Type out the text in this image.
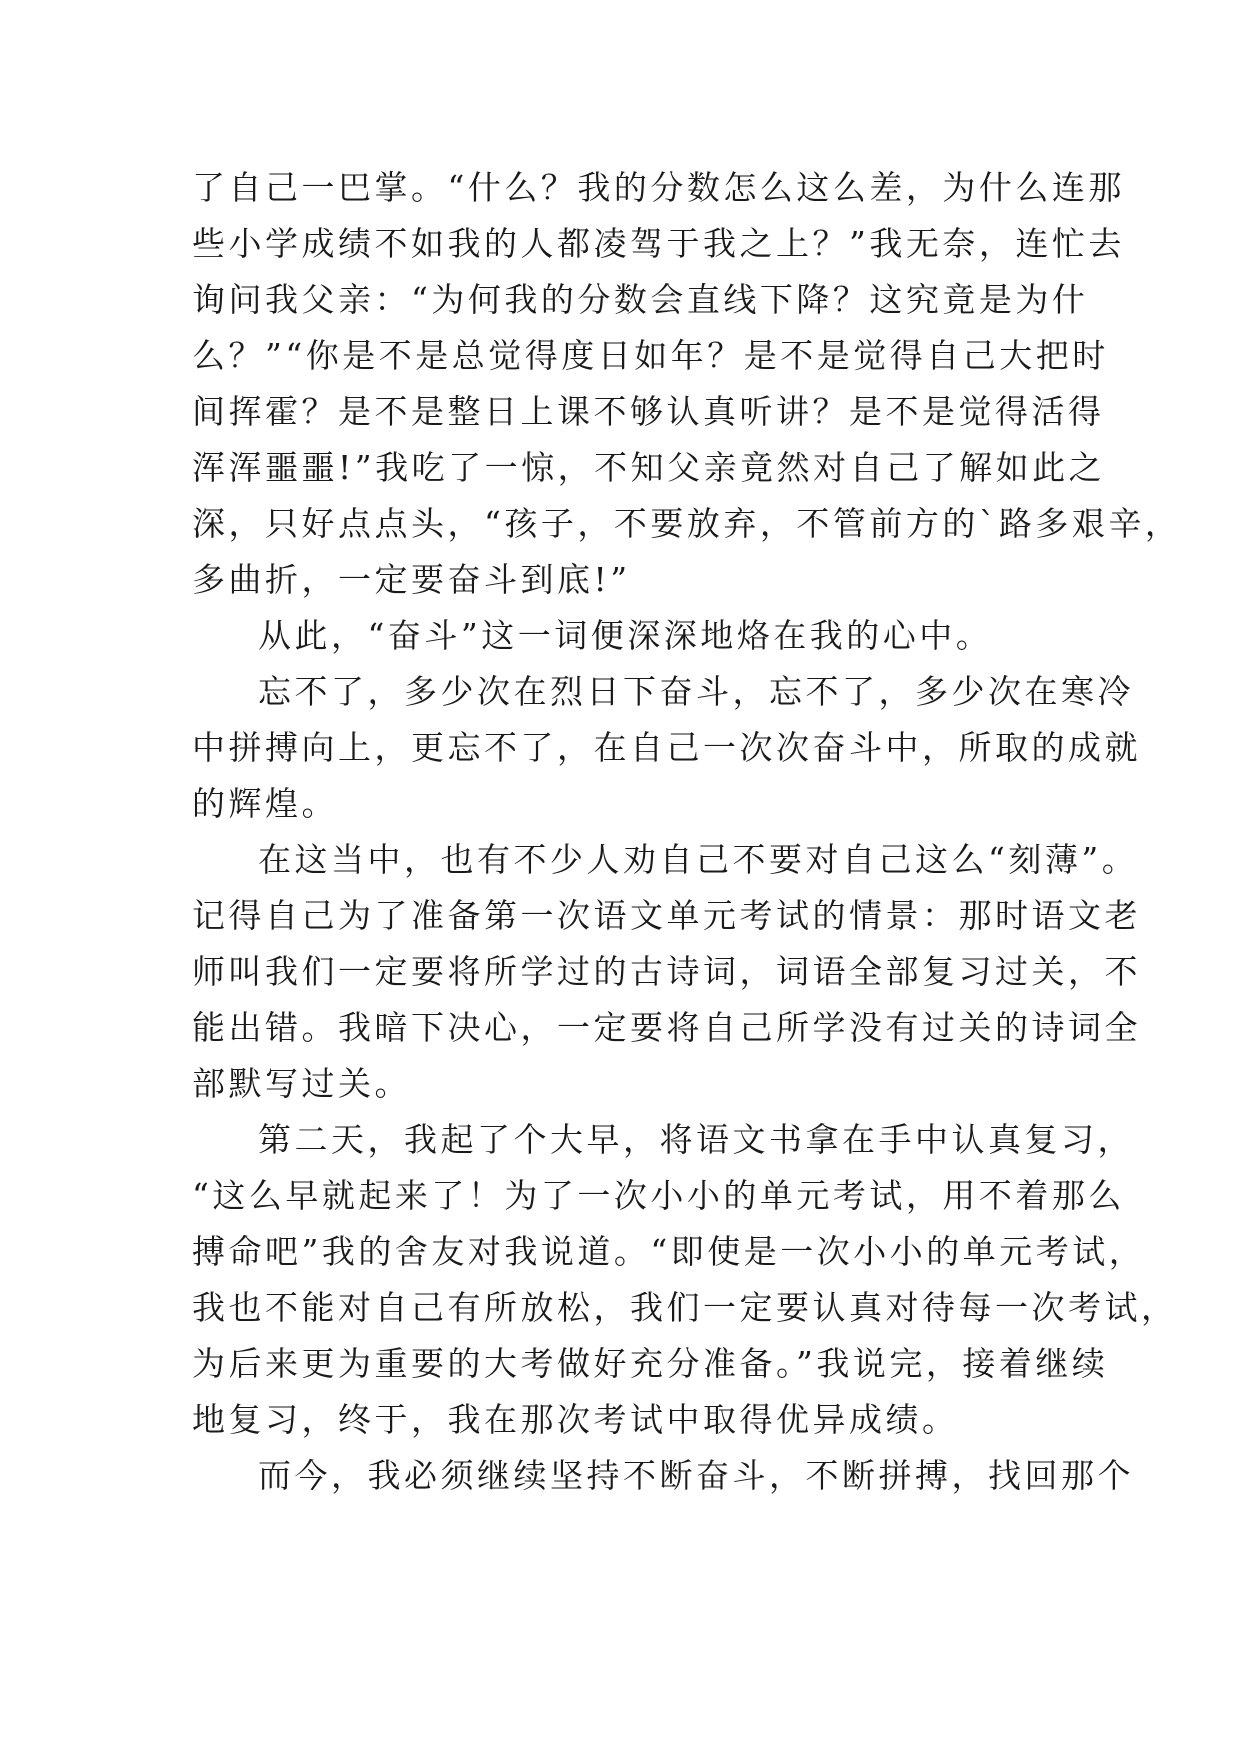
了自己一巴掌。“什么？我的分数怎么这么差，为什么连那
些小学成绩不如我的人都凌驾于我之上？”我无奈，连忙去
询问我父亲：“为何我的分数会直线下降？这究竟是为什
么？”“你是不是总觉得度日如年？是不是觉得自己大把时
间挥霍？是不是整日上课不够认真听讲？是不是觉得活得
浑浑噩噩!”我吃了一惊，不知父亲竟然对自己了解如此之
深，只好点点头，“孩子，不要放弃，不管前方的`路多艰辛，
多曲折，一定要奋斗到底!”
从此，“奋斗”这一词便深深地烙在我的心中。
忘不了，多少次在烈日下奋斗，忘不了，多少次在寒冷
中拼搏向上，更忘不了，在自己一次次奋斗中，所取的成就
的辉煌。
在这当中，也有不少人劝自己不要对自己这么“刻薄”。
记得自己为了准备第一次语文单元考试的情景：那时语文老
师叫我们一定要将所学过的古诗词，词语全部复习过关，不
能出错。我暗下决心，一定要将自己所学没有过关的诗词全
部默写过关。
第二天，我起了个大早，将语文书拿在手中认真复习，
“这么早就起来了！为了一次小小的单元考试，用不着那么
搏命吧”我的舍友对我说道。“即使是一次小小的单元考试，
我也不能对自己有所放松，我们一定要认真对待每一次考试，
为后来更为重要的大考做好充分准备。”我说完，接着继续
地复习，终于，我在那次考试中取得优异成绩。
而今，我必须继续坚持不断奋斗，不断拼搏，找回那个
